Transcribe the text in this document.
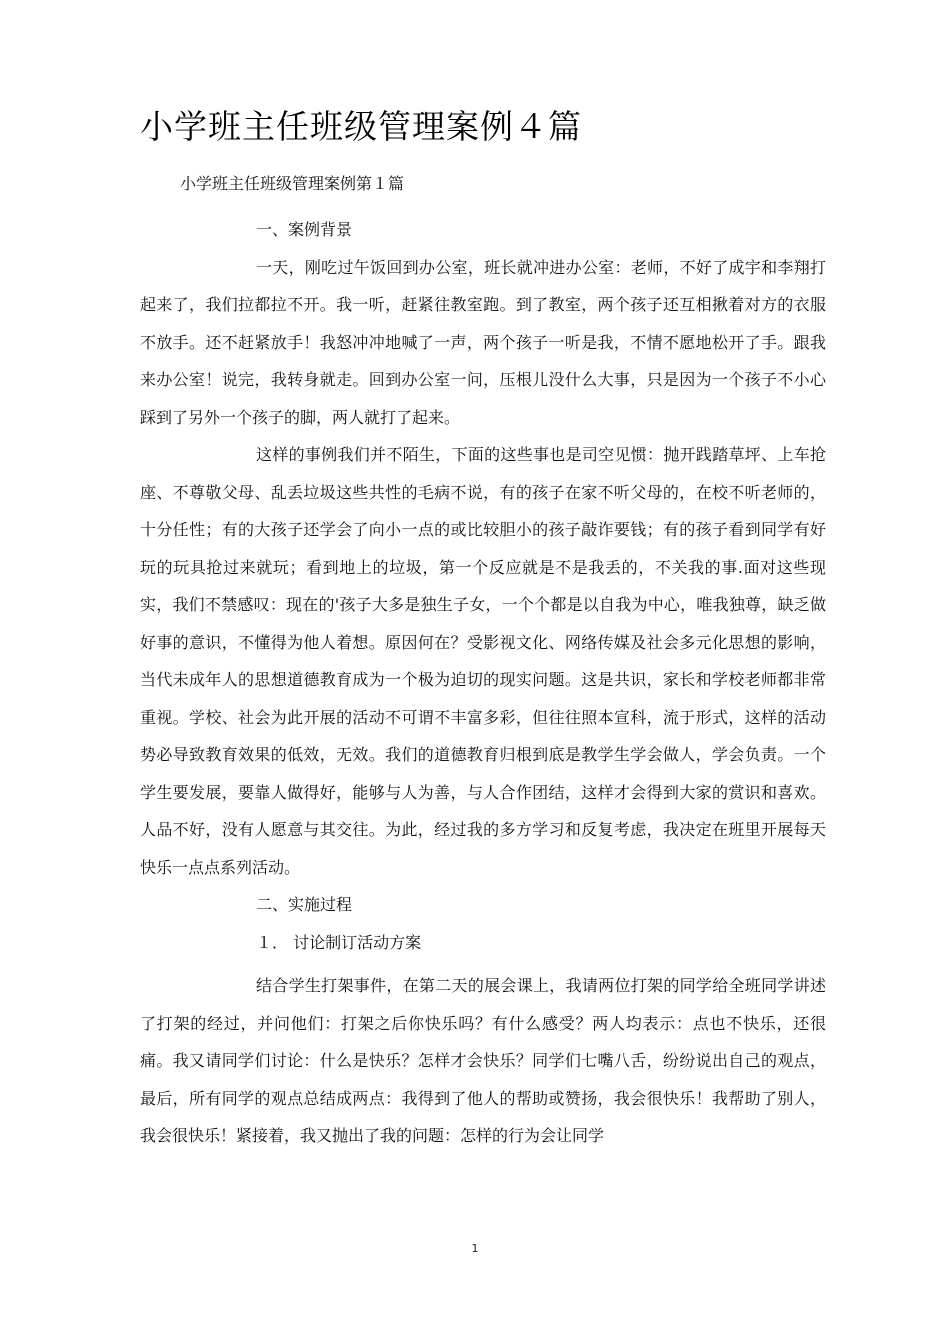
小学班主任班级管理案例４篇
小学班主任班级管理案例第１篇

一、案例背景

一天，刚吃过午饭回到办公室，班长就冲进办公室：老师，不好了成宇和李翔打起来了，我们拉都拉不开。我一听，赶紧往教室跑。到了教室，两个孩子还互相揪着对方的衣服不放手。还不赶紧放手！我怒冲冲地喊了一声，两个孩子一听是我，不情不愿地松开了手。跟我来办公室！说完，我转身就走。回到办公室一问，压根儿没什么大事，只是因为一个孩子不小心踩到了另外一个孩子的脚，两人就打了起来。

这样的事例我们并不陌生，下面的这些事也是司空见惯：抛开践踏草坪、上车抢座、不尊敬父母、乱丢垃圾这些共性的毛病不说，有的孩子在家不听父母的，在校不听老师的，十分任性；有的大孩子还学会了向小一点的或比较胆小的孩子敲诈要钱；有的孩子看到同学有好玩的玩具抢过来就玩；看到地上的垃圾，第一个反应就是不是我丢的，不关我的事.面对这些现实，我们不禁感叹：现在的'孩子大多是独生子女，一个个都是以自我为中心，唯我独尊，缺乏做好事的意识，不懂得为他人着想。原因何在？受影视文化、网络传媒及社会多元化思想的影响，当代未成年人的思想道德教育成为一个极为迫切的现实问题。这是共识，家长和学校老师都非常重视。学校、社会为此开展的活动不可谓不丰富多彩，但往往照本宣科，流于形式，这样的活动势必导致教育效果的低效，无效。我们的道德教育归根到底是教学生学会做人，学会负责。一个学生要发展，要靠人做得好，能够与人为善，与人合作团结，这样才会得到大家的赏识和喜欢。人品不好，没有人愿意与其交往。为此，经过我的多方学习和反复考虑，我决定在班里开展每天快乐一点点系列活动。

二、实施过程

１． 讨论制订活动方案

结合学生打架事件，在第二天的展会课上，我请两位打架的同学给全班同学讲述了打架的经过，并问他们：打架之后你快乐吗？有什么感受？两人均表示：点也不快乐，还很痛。我又请同学们讨论：什么是快乐？怎样才会快乐？同学们七嘴八舌，纷纷说出自己的观点，最后，所有同学的观点总结成两点：我得到了他人的帮助或赞扬，我会很快乐！我帮助了别人，我会很快乐！紧接着，我又抛出了我的问题：怎样的行为会让同学

1
